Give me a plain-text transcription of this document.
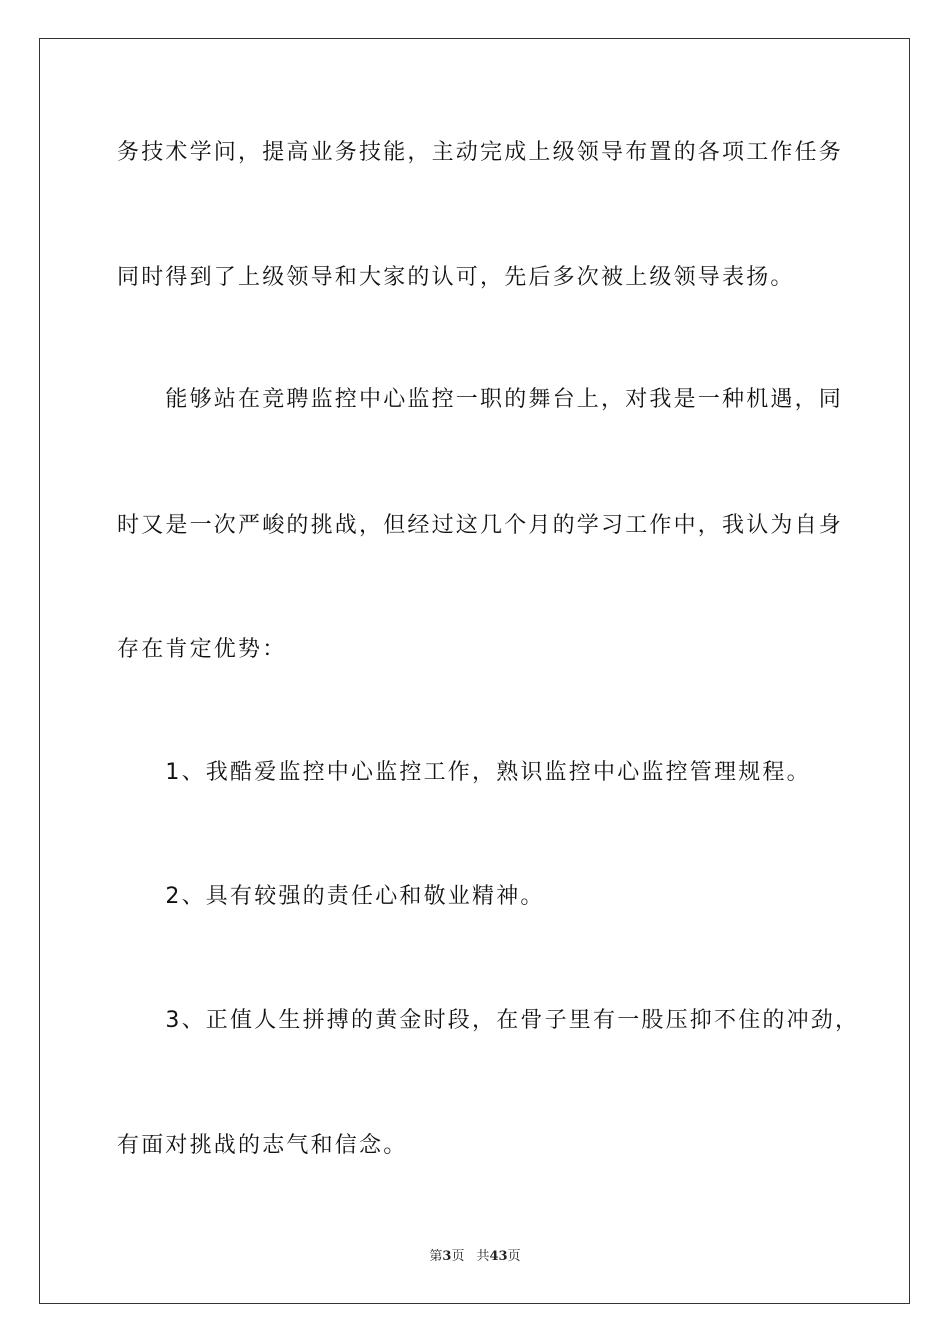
务技术学问，提高业务技能，主动完成上级领导布置的各项工作任务
同时得到了上级领导和大家的认可，先后多次被上级领导表扬。
　　能够站在竞聘监控中心监控一职的舞台上，对我是一种机遇，同
时又是一次严峻的挑战，但经过这几个月的学习工作中，我认为自身
存在肯定优势：
　　1、我酷爱监控中心监控工作，熟识监控中心监控管理规程。
　　2、具有较强的责任心和敬业精神。
　　3、正值人生拼搏的黄金时段，在骨子里有一股压抑不住的冲劲，
有面对挑战的志气和信念。
第3页 共43页
